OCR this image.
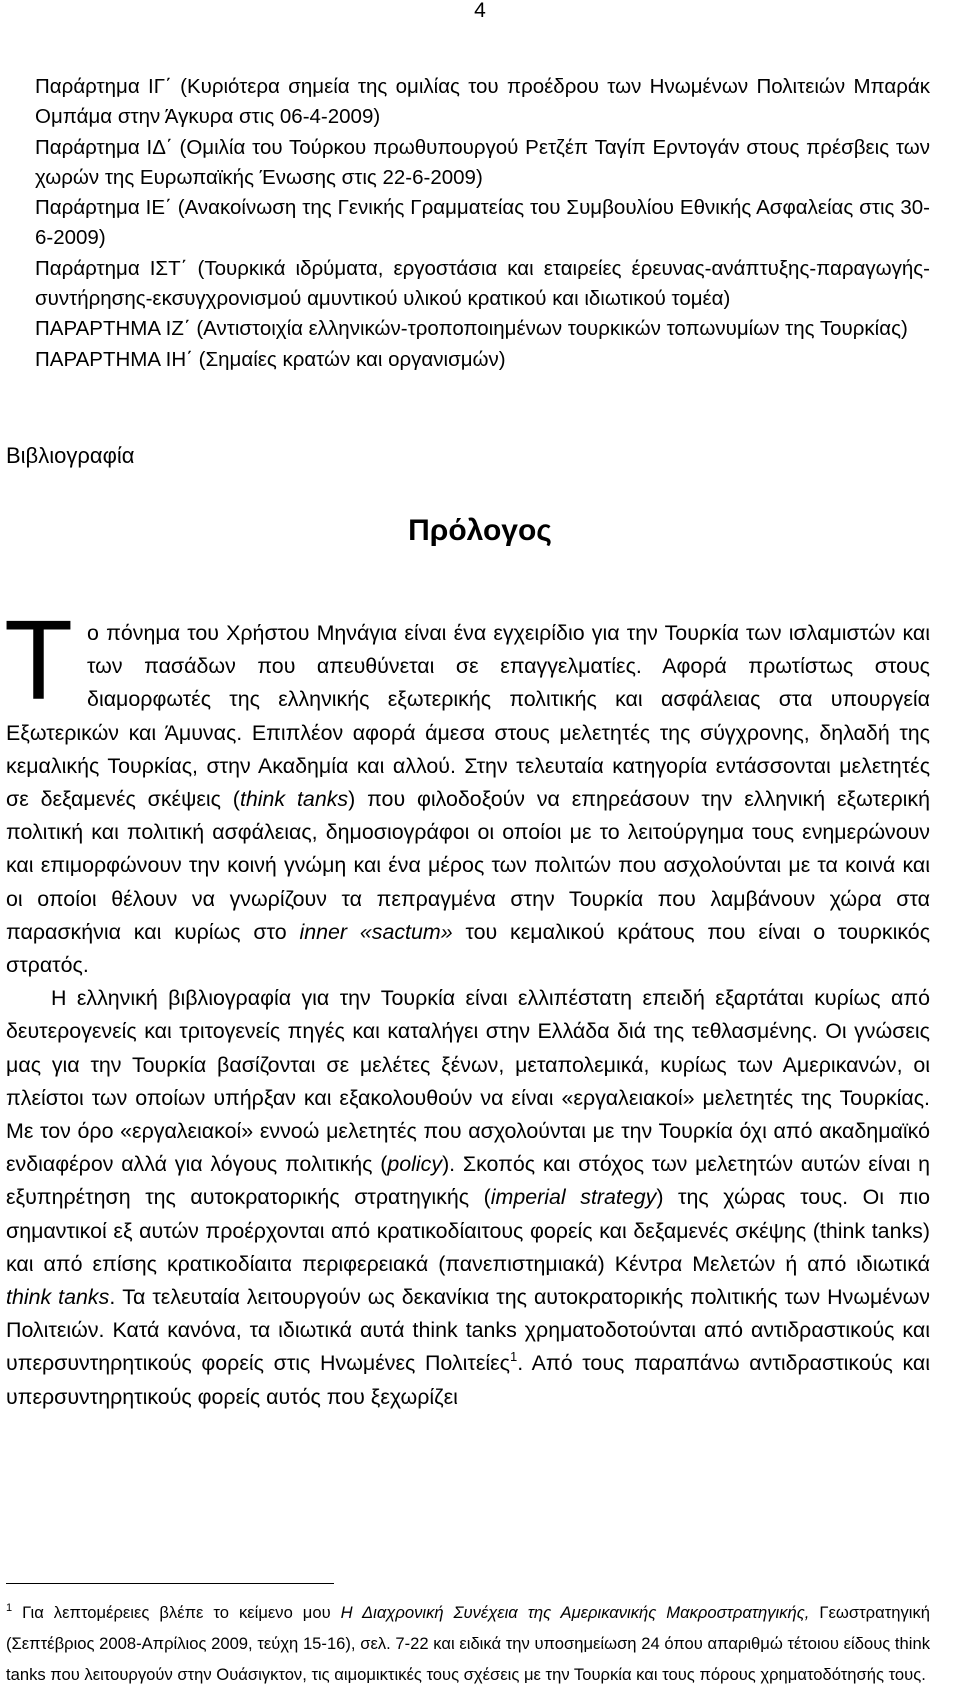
4
Παράρτημα ΙΓ΄ (Κυριότερα σημεία της ομιλίας του προέδρου των Ηνωμένων Πολιτειών Μπαράκ Ομπάμα στην Άγκυρα στις 06-4-2009)
Παράρτημα ΙΔ΄ (Ομιλία του Τούρκου πρωθυπουργού Ρετζέπ Ταγίπ Ερντογάν στους πρέσβεις των χωρών της Ευρωπαϊκής Ένωσης στις 22-6-2009)
Παράρτημα ΙΕ΄ (Ανακοίνωση της Γενικής Γραμματείας του Συμβουλίου Εθνικής Ασφαλείας στις 30-6-2009)
Παράρτημα ΙΣΤ΄ (Τουρκικά ιδρύματα, εργοστάσια και εταιρείες έρευνας-ανάπτυξης-παραγωγής-συντήρησης-εκσυγχρονισμού αμυντικού υλικού κρατικού και ιδιωτικού τομέα)
ΠΑΡΑΡΤΗΜΑ ΙΖ΄ (Αντιστοιχία ελληνικών-τροποποιημένων τουρκικών τοπωνυμίων της Τουρκίας)
ΠΑΡΑΡΤΗΜΑ ΙΗ΄ (Σημαίες κρατών και οργανισμών)
Βιβλιογραφία
Πρόλογος

Το πόνημα του Χρήστου Μηνάγια είναι ένα εγχειρίδιο για την Τουρκία των ισλαμιστών και των πασάδων που απευθύνεται σε επαγγελματίες. Αφορά πρωτίστως στους διαμορφωτές της ελληνικής εξωτερικής πολιτικής και ασφάλειας στα υπουργεία Εξωτερικών και Άμυνας. Επιπλέον αφορά άμεσα στους μελετητές της σύγχρονης, δηλαδή της κεμαλικής Τουρκίας, στην Ακαδημία και αλλού. Στην τελευταία κατηγορία εντάσσονται μελετητές σε δεξαμενές σκέψεις (think tanks) που φιλοδοξούν να επηρεάσουν την ελληνική εξωτερική πολιτική και πολιτική ασφάλειας, δημοσιογράφοι οι οποίοι με το λειτούργημα τους ενημερώνουν και επιμορφώνουν την κοινή γνώμη και ένα μέρος των πολιτών που ασχολούνται με τα κοινά και οι οποίοι θέλουν να γνωρίζουν τα πεπραγμένα στην Τουρκία που λαμβάνουν χώρα στα παρασκήνια και κυρίως στο inner «sactum» του κεμαλικού κράτους που είναι ο τουρκικός στρατός.

Η ελληνική βιβλιογραφία για την Τουρκία είναι ελλιπέστατη επειδή εξαρτάται κυρίως από δευτερογενείς και τριτογενείς πηγές και καταλήγει στην Ελλάδα διά της τεθλασμένης. Οι γνώσεις μας για την Τουρκία βασίζονται σε μελέτες ξένων, μεταπολεμικά, κυρίως των Αμερικανών, οι πλείστοι των οποίων υπήρξαν και εξακολουθούν να είναι «εργαλειακοί» μελετητές της Τουρκίας. Με τον όρο «εργαλειακοί» εννοώ μελετητές που ασχολούνται με την Τουρκία όχι από ακαδημαϊκό ενδιαφέρον αλλά για λόγους πολιτικής (policy). Σκοπός και στόχος των μελετητών αυτών είναι η εξυπηρέτηση της αυτοκρατορικής στρατηγικής (imperial strategy) της χώρας τους. Οι πιο σημαντικοί εξ αυτών προέρχονται από κρατικοδίαιτους φορείς και δεξαμενές σκέψης (think tanks) και από επίσης κρατικοδίαιτα περιφερειακά (πανεπιστημιακά) Κέντρα Μελετών ή από ιδιωτικά think tanks. Τα τελευταία λειτουργούν ως δεκανίκια της αυτοκρατορικής πολιτικής των Ηνωμένων Πολιτειών. Κατά κανόνα, τα ιδιωτικά αυτά think tanks χρηματοδοτούνται από αντιδραστικούς και υπερσυντηρητικούς φορείς στις Ηνωμένες Πολιτείες$^1$. Από τους παραπάνω αντιδραστικούς και υπερσυντηρητικούς φορείς αυτός που ξεχωρίζει

$^1$ Για λεπτομέρειες βλέπε το κείμενο μου Η Διαχρονική Συνέχεια της Αμερικανικής Μακροστρατηγικής, Γεωστρατηγική (Σεπτέβριος 2008-Απρίλιος 2009, τεύχη 15-16), σελ. 7-22 και ειδικά την υποσημείωση 24 όπου απαριθμώ τέτοιου είδους think tanks που λειτουργούν στην Ουάσιγκτον, τις αιμομικτικές τους σχέσεις με την Τουρκία και τους πόρους χρηματοδότησής τους.
